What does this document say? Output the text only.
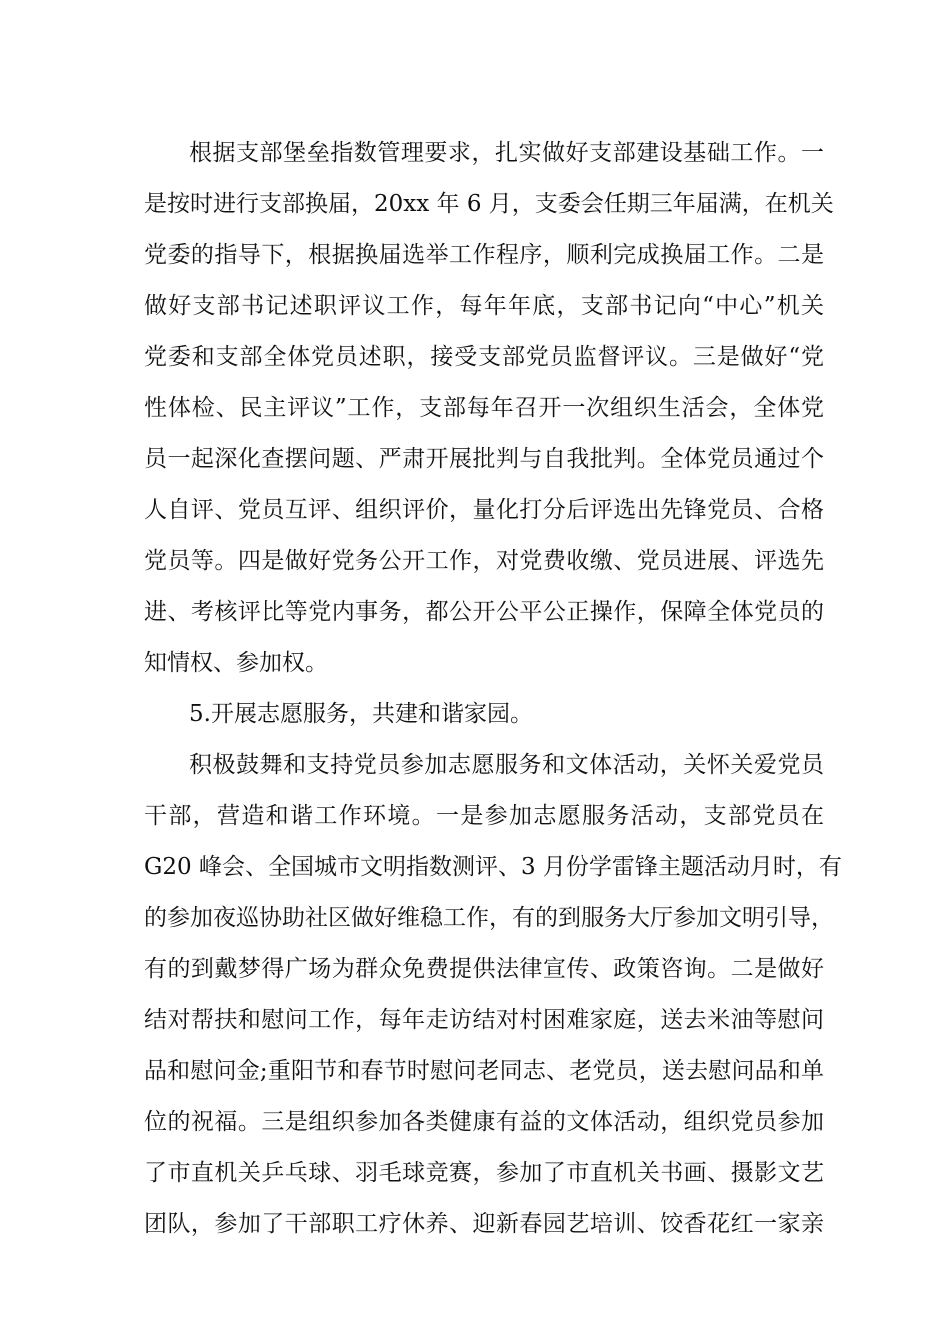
根据支部堡垒指数管理要求，扎实做好支部建设基础工作。一
是按时进行支部换届，20xx 年 6 月，支委会任期三年届满，在机关
党委的指导下，根据换届选举工作程序，顺利完成换届工作。二是
做好支部书记述职评议工作，每年年底，支部书记向“中心”机关
党委和支部全体党员述职，接受支部党员监督评议。三是做好“党
性体检、民主评议”工作，支部每年召开一次组织生活会，全体党
员一起深化查摆问题、严肃开展批判与自我批判。全体党员通过个
人自评、党员互评、组织评价，量化打分后评选出先锋党员、合格
党员等。四是做好党务公开工作，对党费收缴、党员进展、评选先
进、考核评比等党内事务，都公开公平公正操作，保障全体党员的
知情权、参加权。
5.开展志愿服务，共建和谐家园。
积极鼓舞和支持党员参加志愿服务和文体活动，关怀关爱党员
干部，营造和谐工作环境。一是参加志愿服务活动，支部党员在
G20 峰会、全国城市文明指数测评、3 月份学雷锋主题活动月时，有
的参加夜巡协助社区做好维稳工作，有的到服务大厅参加文明引导，
有的到戴梦得广场为群众免费提供法律宣传、政策咨询。二是做好
结对帮扶和慰问工作，每年走访结对村困难家庭，送去米油等慰问
品和慰问金;重阳节和春节时慰问老同志、老党员，送去慰问品和单
位的祝福。三是组织参加各类健康有益的文体活动，组织党员参加
了市直机关乒乓球、羽毛球竞赛，参加了市直机关书画、摄影文艺
团队，参加了干部职工疗休养、迎新春园艺培训、饺香花红一家亲
